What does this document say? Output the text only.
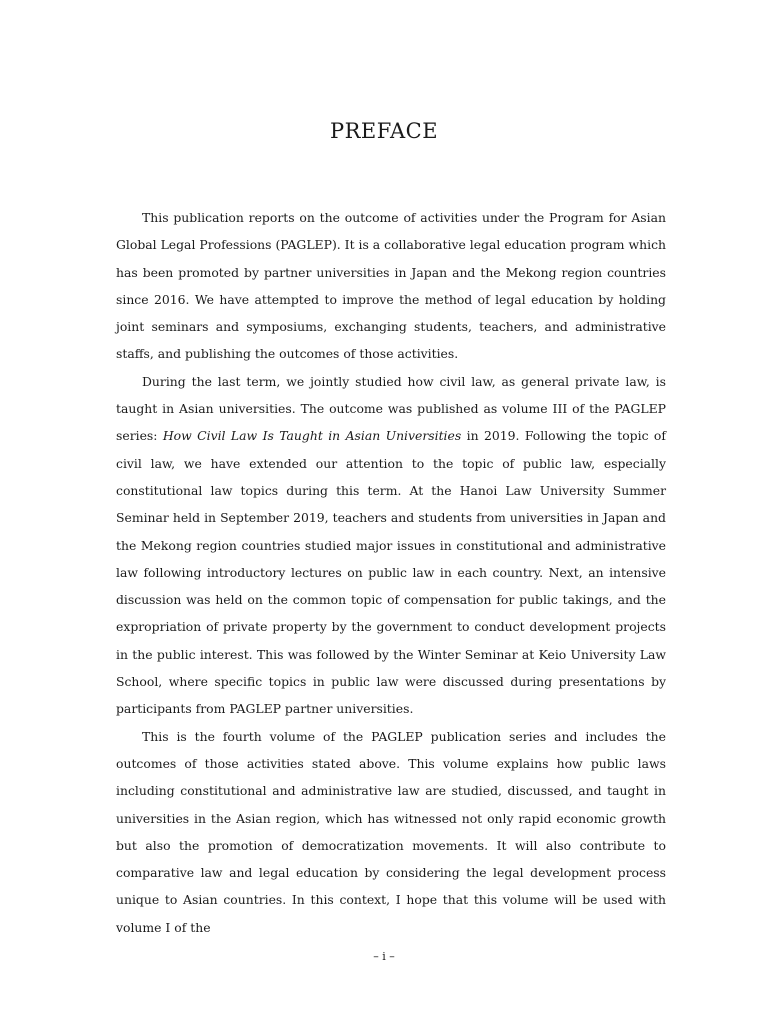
PREFACE

This publication reports on the outcome of activities under the Program for Asian Global Legal Professions (PAGLEP). It is a collaborative legal education program which has been promoted by partner universities in Japan and the Mekong region countries since 2016. We have attempted to improve the method of legal education by holding joint seminars and symposiums, exchanging students, teachers, and administrative staffs, and publishing the outcomes of those activities.

During the last term, we jointly studied how civil law, as general private law, is taught in Asian universities. The outcome was published as volume III of the PAGLEP series: How Civil Law Is Taught in Asian Universities in 2019. Following the topic of civil law, we have extended our attention to the topic of public law, especially constitutional law topics during this term. At the Hanoi Law University Summer Seminar held in September 2019, teachers and students from universities in Japan and the Mekong region countries studied major issues in constitutional and administrative law following introductory lectures on public law in each country. Next, an intensive discussion was held on the common topic of compensation for public takings, and the expropriation of private property by the government to conduct development projects in the public interest. This was followed by the Winter Seminar at Keio University Law School, where specific topics in public law were discussed during presentations by participants from PAGLEP partner universities.

This is the fourth volume of the PAGLEP publication series and includes the outcomes of those activities stated above. This volume explains how public laws including constitutional and administrative law are studied, discussed, and taught in universities in the Asian region, which has witnessed not only rapid economic growth but also the promotion of democratization movements. It will also contribute to comparative law and legal education by considering the legal development process unique to Asian countries. In this context, I hope that this volume will be used with volume I of the

– i –
